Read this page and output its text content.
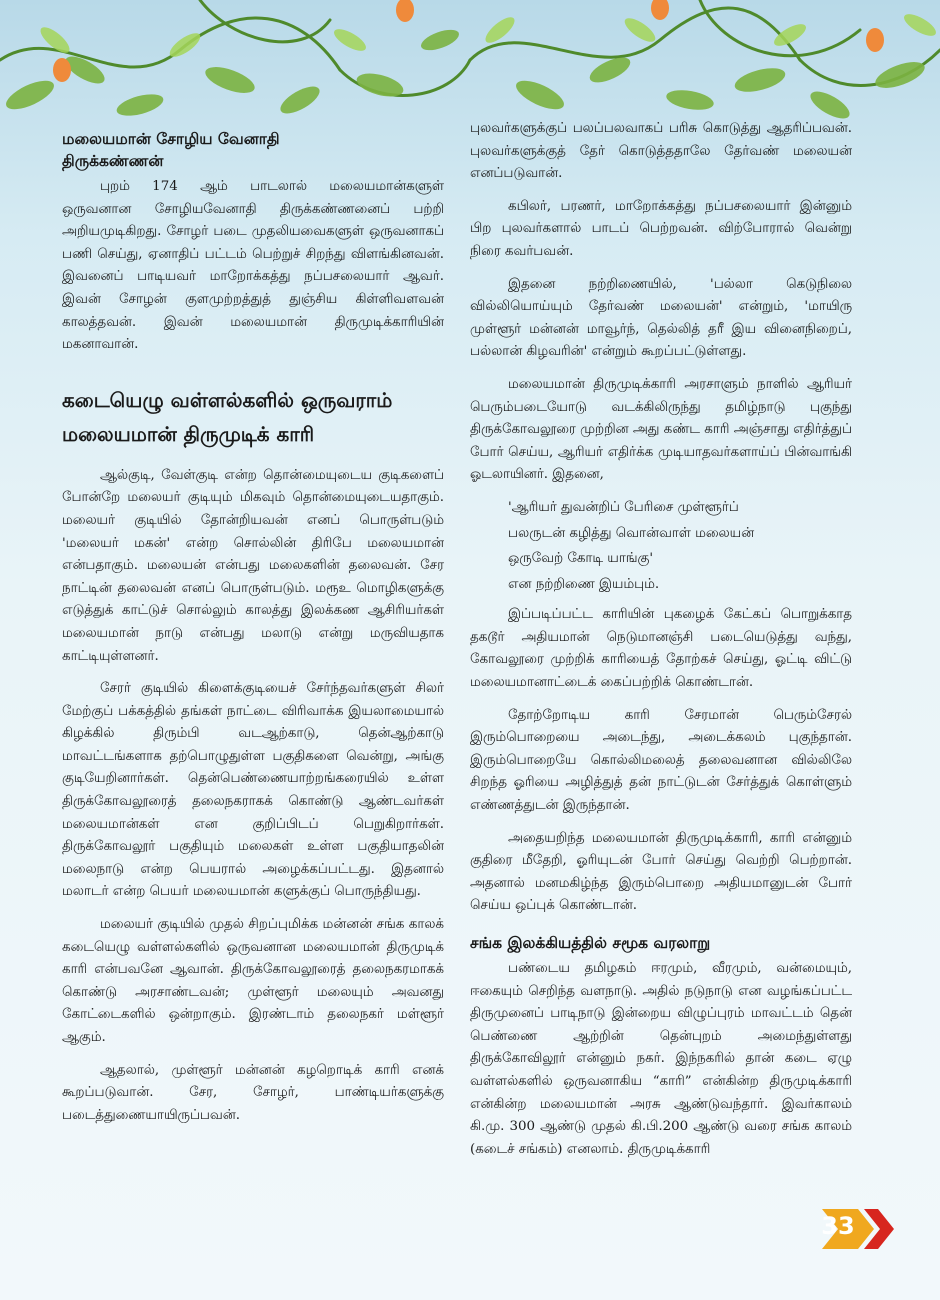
மலையமான் சோழிய வேனாதி
திருக்கண்ணன்

புறம் 174 ஆம் பாடலால் மலையமான்களுள் ஒருவனான சோழியவேனாதி திருக்கண்ணனைப் பற்றி அறியமுடிகிறது. சோழர் படை முதலியவைகளுள் ஒருவனாகப் பணி செய்து, ஏனாதிப் பட்டம் பெற்றுச் சிறந்து விளங்கினவன். இவனைப் பாடியவர் மாறோக்கத்து நப்பசலையார் ஆவர். இவன் சோழன் குளமுற்றத்துத் துஞ்சிய கிள்ளிவளவன் காலத்தவன். இவன் மலையமான் திருமுடிக்காரியின் மகனாவான்.

கடையெழு வள்ளல்களில் ஒருவராம்
மலையமான் திருமுடிக் காரி

ஆல்குடி, வேள்குடி என்ற தொன்மையுடைய குடிகளைப் போன்றே மலையர் குடியும் மிகவும் தொன்மையுடையதாகும். மலையர் குடியில் தோன்றியவன் எனப் பொருள்படும் 'மலையர் மகன்' என்ற சொல்லின் திரிபே மலையமான் என்பதாகும். மலையன் என்பது மலைகளின் தலைவன். சேர நாட்டின் தலைவன் எனப் பொருள்படும். மரூஉ மொழிகளுக்கு எடுத்துக் காட்டுச் சொல்லும் காலத்து இலக்கண ஆசிரியர்கள் மலையமான் நாடு என்பது மலாடு என்று மருவியதாக காட்டியுள்ளனர்.

சேரர் குடியில் கிளைக்குடியைச் சேர்ந்தவர்களுள் சிலர் மேற்குப் பக்கத்தில் தங்கள் நாட்டை விரிவாக்க இயலாமையால் கிழக்கில் திரும்பி வடஆற்காடு, தென்ஆற்காடு மாவட்டங்களாக தற்பொழுதுள்ள பகுதிகளை வென்று, அங்கு குடியேறினார்கள். தென்பெண்ணையாற்றங்கரையில் உள்ள திருக்கோவலூரைத் தலைநகராகக் கொண்டு ஆண்டவர்கள் மலையமான்கள் என குறிப்பிடப் பெறுகிறார்கள். திருக்கோவலூர் பகுதியும் மலைகள் உள்ள பகுதியாதலின் மலைநாடு என்ற பெயரால் அழைக்கப்பட்டது. இதனால் மலாடர் என்ற பெயர் மலையமான் களுக்குப் பொருந்தியது.

மலையர் குடியில் முதல் சிறப்புமிக்க மன்னன் சங்க காலக் கடையெழு வள்ளல்களில் ஒருவனான மலையமான் திருமுடிக் காரி என்பவனே ஆவான். திருக்கோவலூரைத் தலைநகரமாகக் கொண்டு அரசாண்டவன்; முள்ளூர் மலையும் அவனது கோட்டைகளில் ஒன்றாகும். இரண்டாம் தலைநகர் மள்ளூர் ஆகும்.

ஆதலால், முள்ளூர் மன்னன் கழறொடிக் காரி எனக் கூறப்படுவான். சேர, சோழர், பாண்டியர்களுக்கு படைத்துணையாயிருப்பவன்.

புலவர்களுக்குப் பலப்பலவாகப் பரிசு கொடுத்து ஆதரிப்பவன். புலவர்களுக்குத் தேர் கொடுத்ததாலே தேர்வண் மலையன் எனப்படுவான்.

கபிலர், பரணர், மாறோக்கத்து நப்பசலையார் இன்னும் பிற புலவர்களால் பாடப் பெற்றவன். விற்போரால் வென்று நிரை கவர்பவன்.

இதனை நற்றிணையில், 'பல்லா கெடுநிலை வில்லியொய்யும் தேர்வண் மலையன்' என்றும், 'மாயிரு முள்ளூர் மன்னன் மாவூர்ந், தெல்லித் தரீ இய வினைநிறைப், பல்லான் கிழவரின்' என்றும் கூறப்பட்டுள்ளது.

மலையமான் திருமுடிக்காரி அரசாளும் நாளில் ஆரியர் பெரும்படையோடு வடக்கிலிருந்து தமிழ்நாடு புகுந்து திருக்கோவலூரை முற்றின அது கண்ட காரி அஞ்சாது எதிர்த்துப் போர் செய்ய, ஆரியர் எதிர்க்க முடியாதவர்களாய்ப் பின்வாங்கி ஓடலாயினர். இதனை,

'ஆரியர் துவன்றிப் பேரிசை முள்ளூர்ப்

பலருடன் கழித்து வொன்வாள் மலையன்

ஒருவேற் கோடி யாங்கு'

என நற்றிணை இயம்பும்.

இப்படிப்பட்ட காரியின் புகழைக் கேட்கப் பொறுக்காத தகடூர் அதியமான் நெடுமானஞ்சி படையெடுத்து வந்து, கோவலூரை முற்றிக் காரியைத் தோற்கச் செய்து, ஓட்டி விட்டு மலையமானாட்டைக் கைப்பற்றிக் கொண்டான்.

தோற்றோடிய காரி சேரமான் பெரும்சேரல் இரும்பொறையை அடைந்து, அடைக்கலம் புகுந்தான். இரும்பொறையே கொல்லிமலைத் தலைவனான வில்லிலே சிறந்த ஓரியை அழித்துத் தன் நாட்டுடன் சேர்த்துக் கொள்ளும் எண்ணத்துடன் இருந்தான்.

அதையறிந்த மலையமான் திருமுடிக்காரி, காரி என்னும் குதிரை மீதேறி, ஓரியுடன் போர் செய்து வெற்றி பெற்றான். அதனால் மனமகிழ்ந்த இரும்பொறை அதியமானுடன் போர் செய்ய ஒப்புக் கொண்டான்.

சங்க இலக்கியத்தில் சமூக வரலாறு

பண்டைய தமிழகம் ஈரமும், வீரமும், வன்மையும், ஈகையும் செறிந்த வளநாடு. அதில் நடுநாடு என வழங்கப்பட்ட திருமுனைப் பாடிநாடு இன்றைய விழுப்புரம் மாவட்டம் தென் பெண்ணை ஆற்றின் தென்புறம் அமைந்துள்ளது திருக்கோவிலூர் என்னும் நகர். இந்நகரில் தான் கடை ஏழு வள்ளல்களில் ஒருவனாகிய “காரி” என்கின்ற திருமுடிக்காரி என்கின்ற மலையமான் அரசு ஆண்டுவந்தார். இவர்காலம் கி.மு. 300 ஆண்டு முதல் கி.பி.200 ஆண்டு வரை சங்க காலம் (கடைச் சங்கம்) எனலாம். திருமுடிக்காரி

33
